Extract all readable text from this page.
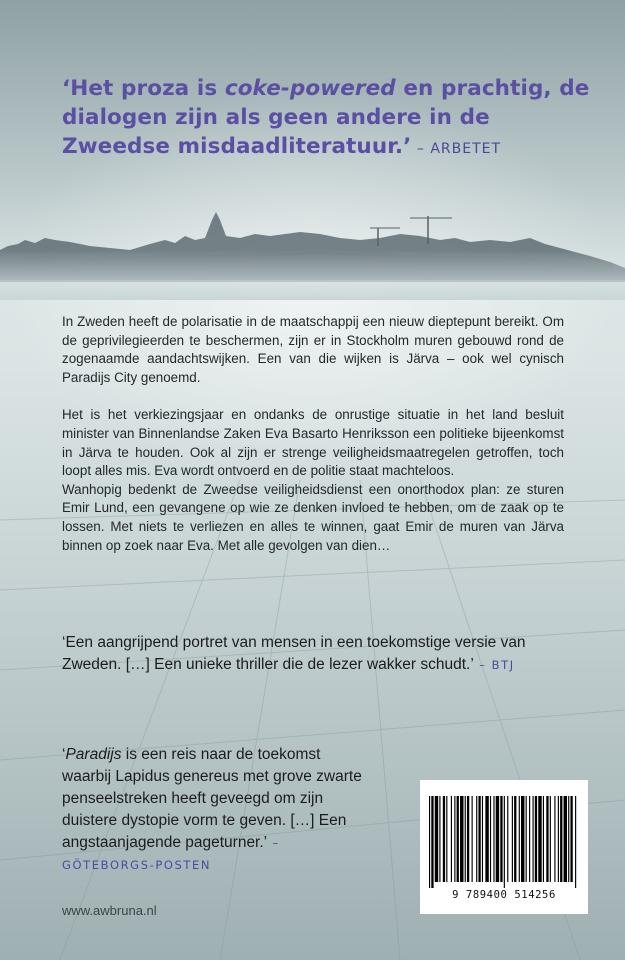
‘Het proza is coke-powered en prachtig, de dialogen zijn als geen andere in de Zweedse misdaadliteratuur.’ – ARBETET

In Zweden heeft de polarisatie in de maatschappij een nieuw dieptepunt bereikt. Om de geprivilegieerden te beschermen, zijn er in Stockholm muren gebouwd rond de zogenaamde aandachtswijken. Een van die wijken is Järva – ook wel cynisch Paradijs City genoemd.

Het is het verkiezingsjaar en ondanks de onrustige situatie in het land besluit minister van Binnenlandse Zaken Eva Basarto Henriksson een politieke bijeenkomst in Järva te houden. Ook al zijn er strenge veiligheidsmaatregelen getroffen, toch loopt alles mis. Eva wordt ontvoerd en de politie staat machteloos.

Wanhopig bedenkt de Zweedse veiligheidsdienst een onorthodox plan: ze sturen Emir Lund, een gevangene op wie ze denken invloed te hebben, om de zaak op te lossen. Met niets te verliezen en alles te winnen, gaat Emir de muren van Järva binnen op zoek naar Eva. Met alle gevolgen van dien…

‘Een aangrijpend portret van mensen in een toekomstige versie van Zweden. […] Een unieke thriller die de lezer wakker schudt.’ – BTJ

‘Paradijs is een reis naar de toekomst waarbij Lapidus genereus met grove zwarte penseelstreken heeft geveegd om zijn duistere dystopie vorm te geven. […] Een angstaanjagende pageturner.’ – GÖTEBORGS-POSTEN

www.awbruna.nl
9 789400 514256
